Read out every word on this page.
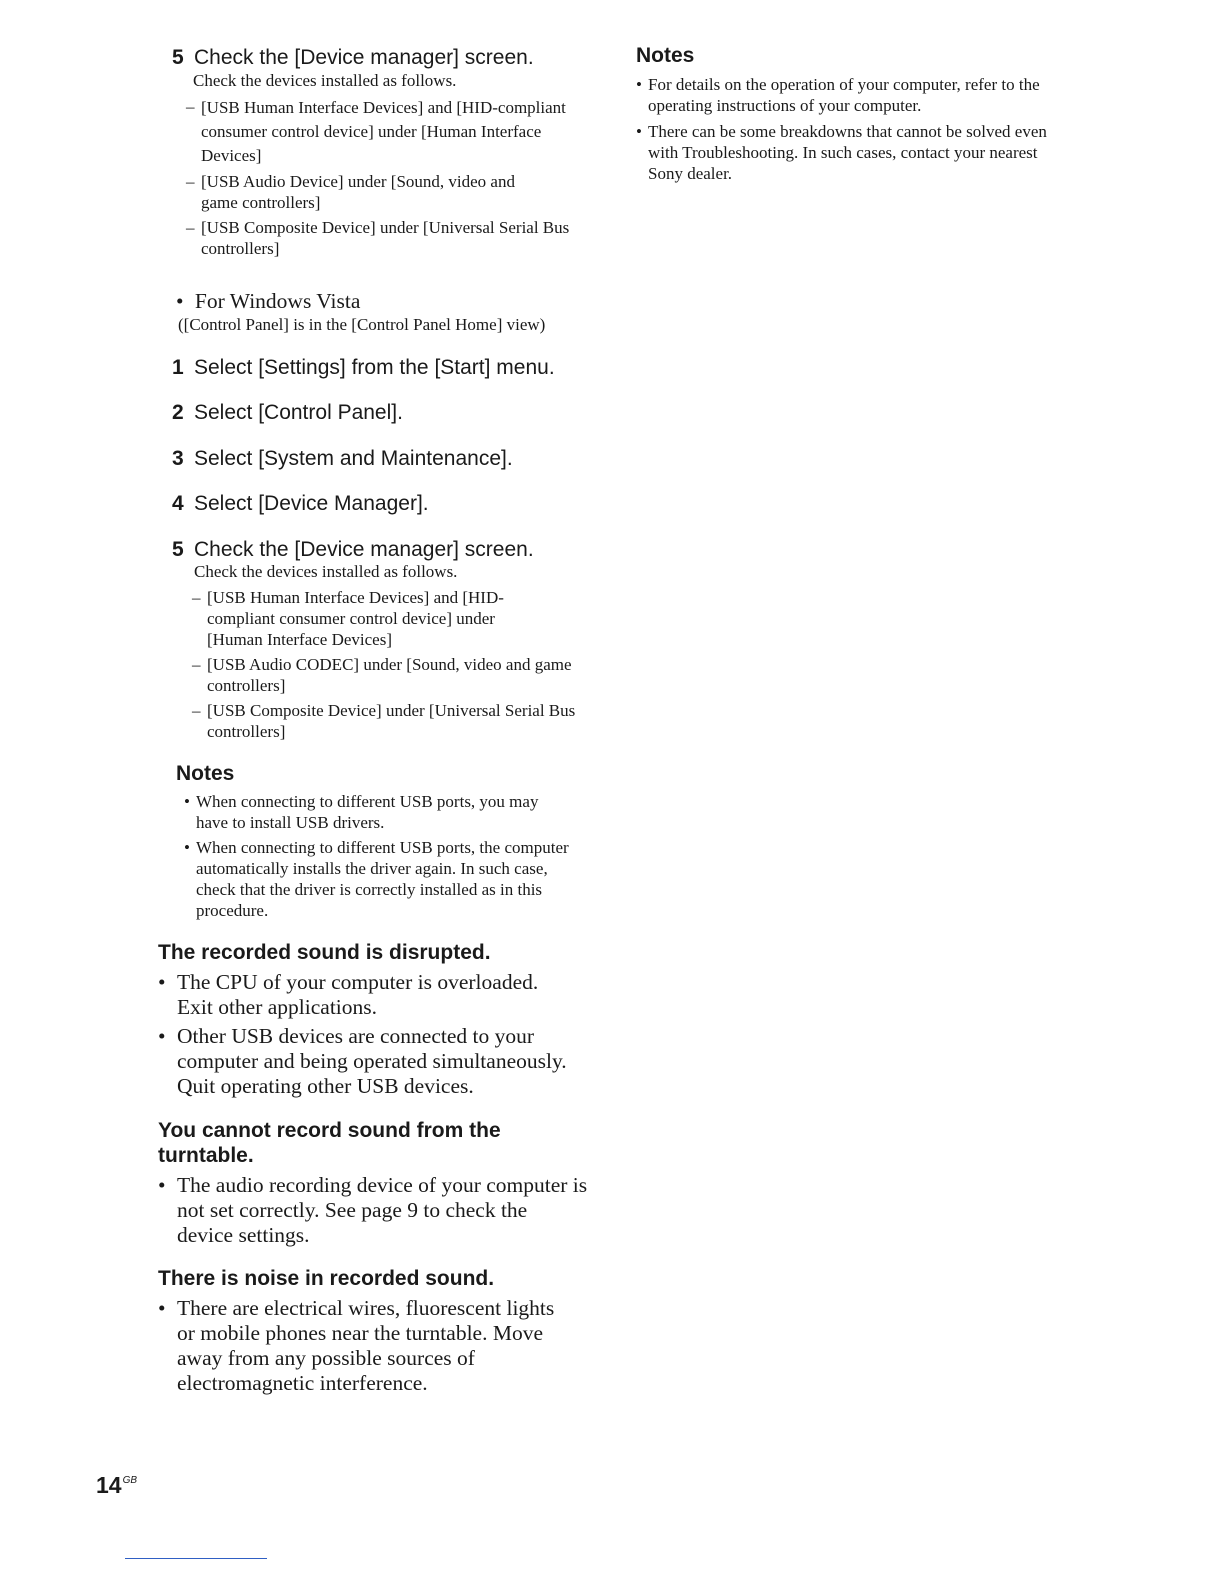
5 Check the [Device manager] screen.
Check the devices installed as follows.
– [USB Human Interface Devices] and [HID-compliant consumer control device] under [Human Interface Devices]
– [USB Audio Device] under [Sound, video and game controllers]
– [USB Composite Device] under [Universal Serial Bus controllers]
• For Windows Vista
([Control Panel] is in the [Control Panel Home] view)
1 Select [Settings] from the [Start] menu.
2 Select [Control Panel].
3 Select [System and Maintenance].
4 Select [Device Manager].
5 Check the [Device manager] screen.
Check the devices installed as follows.
– [USB Human Interface Devices] and [HID-compliant consumer control device] under [Human Interface Devices]
– [USB Audio CODEC] under [Sound, video and game controllers]
– [USB Composite Device] under [Universal Serial Bus controllers]
Notes
• When connecting to different USB ports, you may have to install USB drivers.
• When connecting to different USB ports, the computer automatically installs the driver again. In such case, check that the driver is correctly installed as in this procedure.
The recorded sound is disrupted.
• The CPU of your computer is overloaded. Exit other applications.
• Other USB devices are connected to your computer and being operated simultaneously. Quit operating other USB devices.
You cannot record sound from the turntable.
• The audio recording device of your computer is not set correctly. See page 9 to check the device settings.
There is noise in recorded sound.
• There are electrical wires, fluorescent lights or mobile phones near the turntable. Move away from any possible sources of electromagnetic interference.
Notes
• For details on the operation of your computer, refer to the operating instructions of your computer.
• There can be some breakdowns that cannot be solved even with Troubleshooting. In such cases, contact your nearest Sony dealer.
$14^{GB}$
